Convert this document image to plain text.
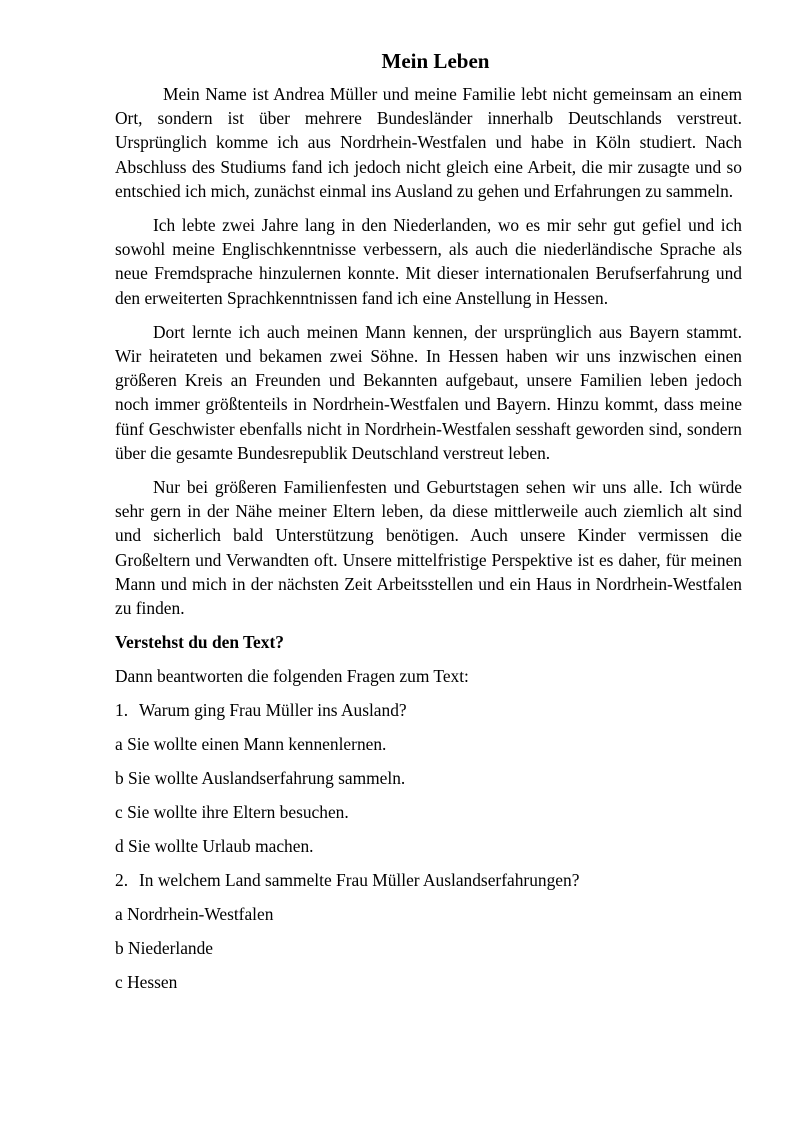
Mein Leben

Mein Name ist Andrea Müller und meine Familie lebt nicht gemeinsam an einem Ort, sondern ist über mehrere Bundesländer innerhalb Deutschlands verstreut. Ursprünglich komme ich aus Nordrhein-Westfalen und habe in Köln studiert. Nach Abschluss des Studiums fand ich jedoch nicht gleich eine Arbeit, die mir zusagte und so entschied ich mich, zunächst einmal ins Ausland zu gehen und Erfahrungen zu sammeln.

Ich lebte zwei Jahre lang in den Niederlanden, wo es mir sehr gut gefiel und ich sowohl meine Englischkenntnisse verbessern, als auch die niederländische Sprache als neue Fremdsprache hinzulernen konnte. Mit dieser internationalen Berufserfahrung und den erweiterten Sprachkenntnissen fand ich eine Anstellung in Hessen.

Dort lernte ich auch meinen Mann kennen, der ursprünglich aus Bayern stammt. Wir heirateten und bekamen zwei Söhne. In Hessen haben wir uns inzwischen einen größeren Kreis an Freunden und Bekannten aufgebaut, unsere Familien leben jedoch noch immer größtenteils in Nordrhein-Westfalen und Bayern. Hinzu kommt, dass meine fünf Geschwister ebenfalls nicht in Nordrhein-Westfalen sesshaft geworden sind, sondern über die gesamte Bundesrepublik Deutschland verstreut leben.

Nur bei größeren Familienfesten und Geburtstagen sehen wir uns alle. Ich würde sehr gern in der Nähe meiner Eltern leben, da diese mittlerweile auch ziemlich alt sind und sicherlich bald Unterstützung benötigen. Auch unsere Kinder vermissen die Großeltern und Verwandten oft. Unsere mittelfristige Perspektive ist es daher, für meinen Mann und mich in der nächsten Zeit Arbeitsstellen und ein Haus in Nordrhein-Westfalen zu finden.

Verstehst du den Text?
Dann beantworten die folgenden Fragen zum Text:
1. Warum ging Frau Müller ins Ausland?
a Sie wollte einen Mann kennenlernen.
b Sie wollte Auslandserfahrung sammeln.
c Sie wollte ihre Eltern besuchen.
d Sie wollte Urlaub machen.
2. In welchem Land sammelte Frau Müller Auslandserfahrungen?
a Nordrhein-Westfalen
b Niederlande
c Hessen
